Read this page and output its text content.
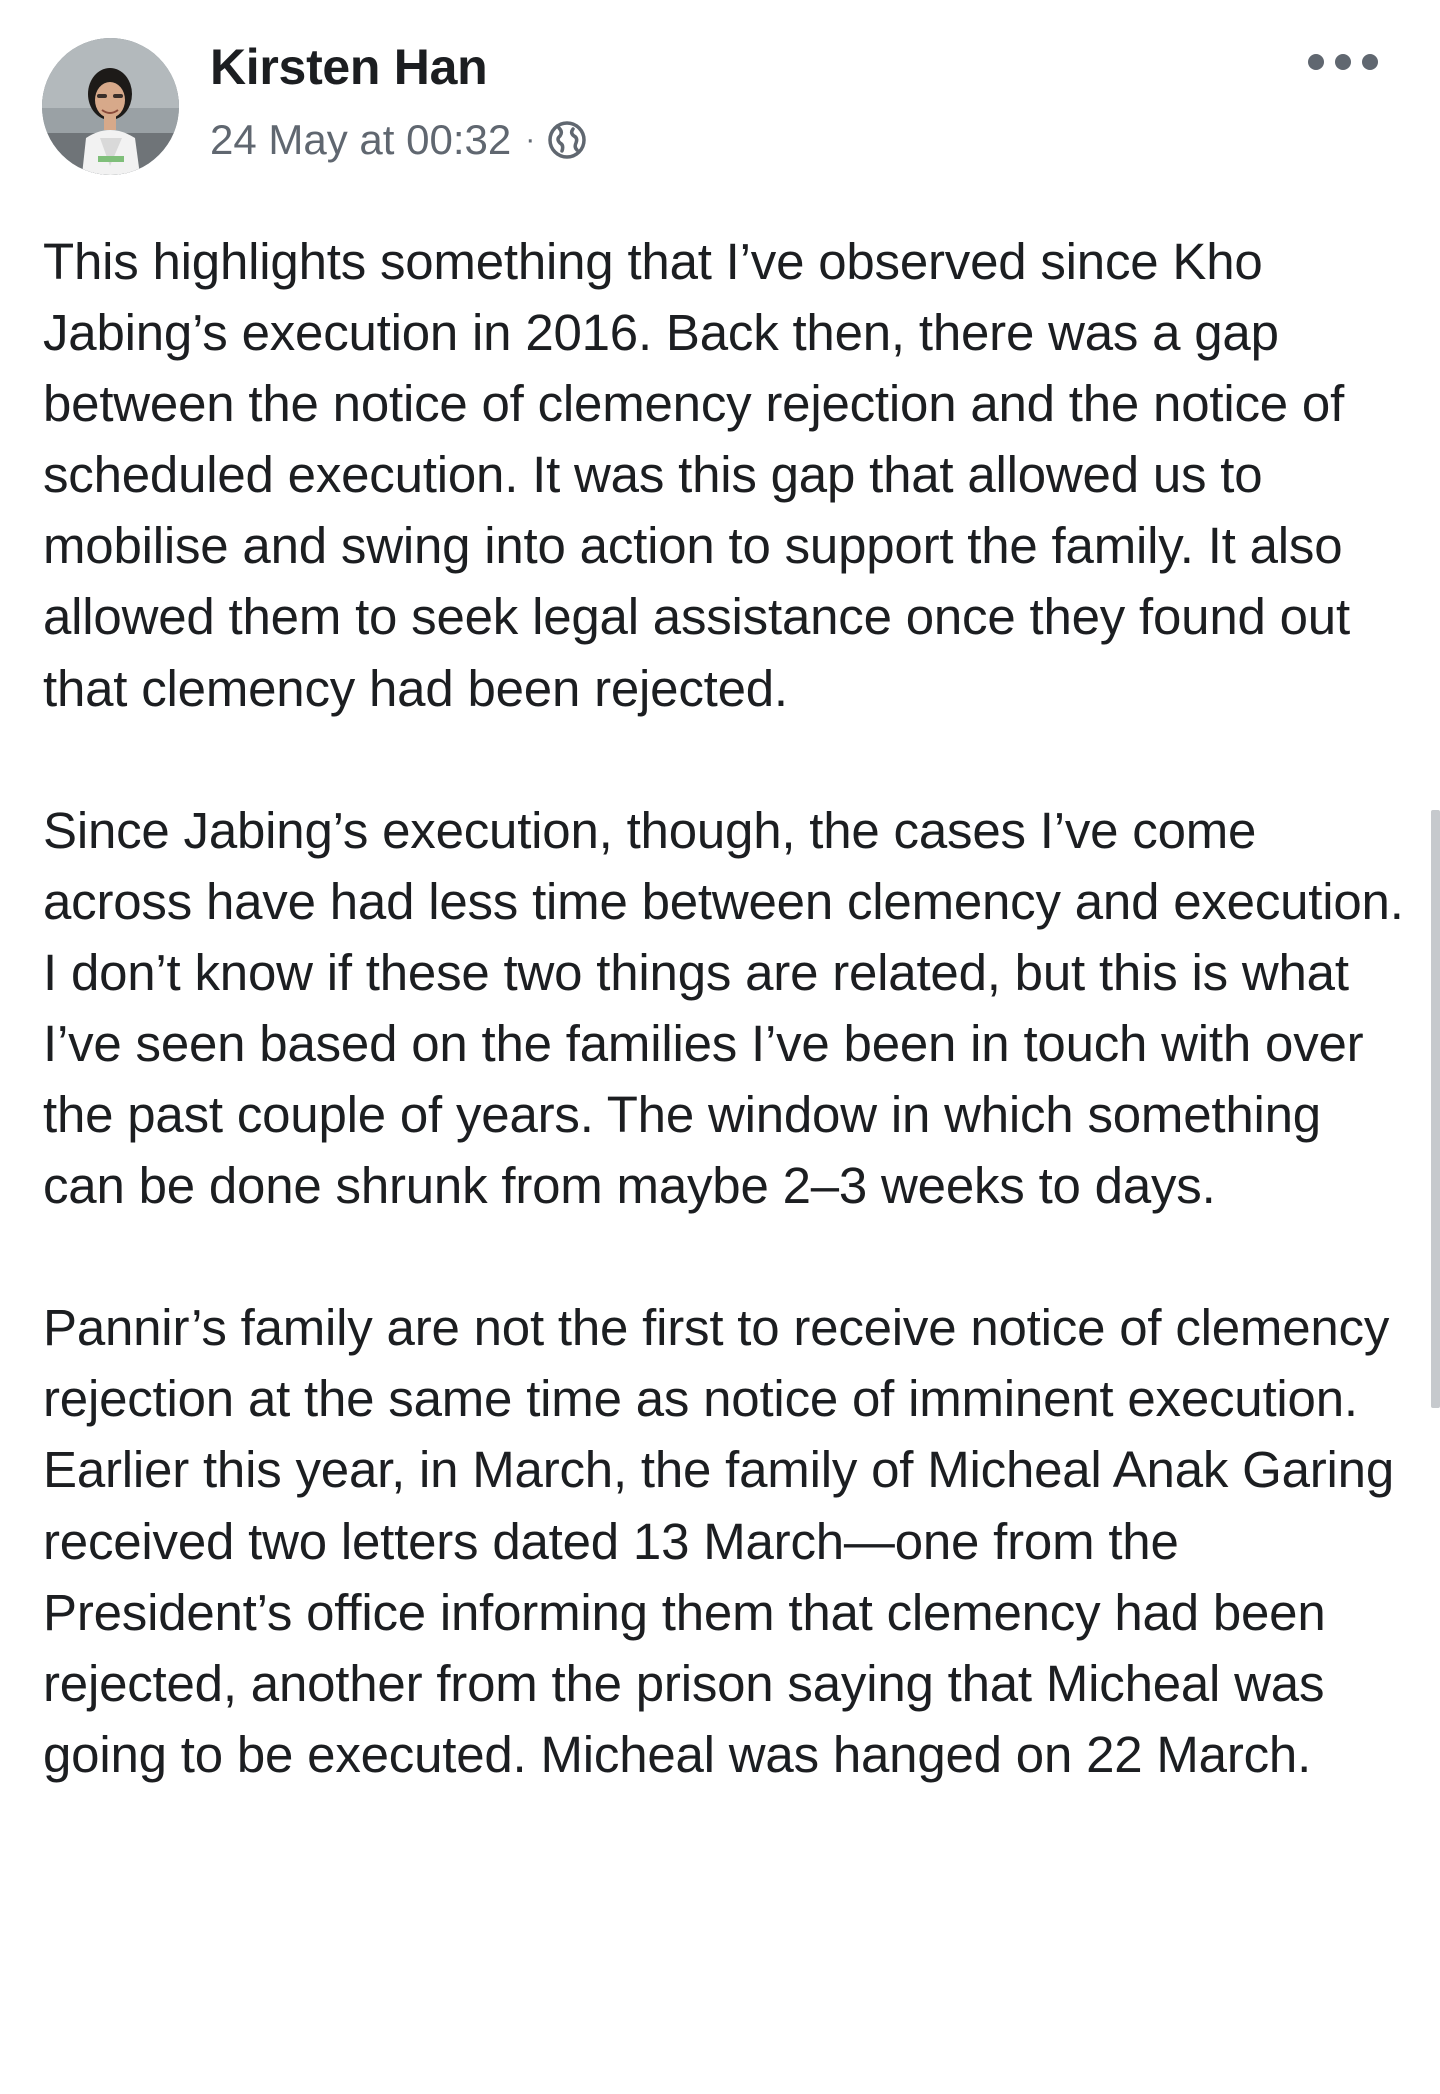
Kirsten Han
24 May at 00:32 ·

This highlights something that I’ve observed since Kho Jabing’s execution in 2016. Back then, there was a gap between the notice of clemency rejection and the notice of scheduled execution. It was this gap that allowed us to mobilise and swing into action to support the family. It also allowed them to seek legal assistance once they found out that clemency had been rejected.

Since Jabing’s execution, though, the cases I’ve come across have had less time between clemency and execution. I don’t know if these two things are related, but this is what I’ve seen based on the families I’ve been in touch with over the past couple of years. The window in which something can be done shrunk from maybe 2–3 weeks to days.

Pannir’s family are not the first to receive notice of clemency rejection at the same time as notice of imminent execution. Earlier this year, in March, the family of Micheal Anak Garing received two letters dated 13 March—one from the President’s office informing them that clemency had been rejected, another from the prison saying that Micheal was going to be executed. Micheal was hanged on 22 March.
